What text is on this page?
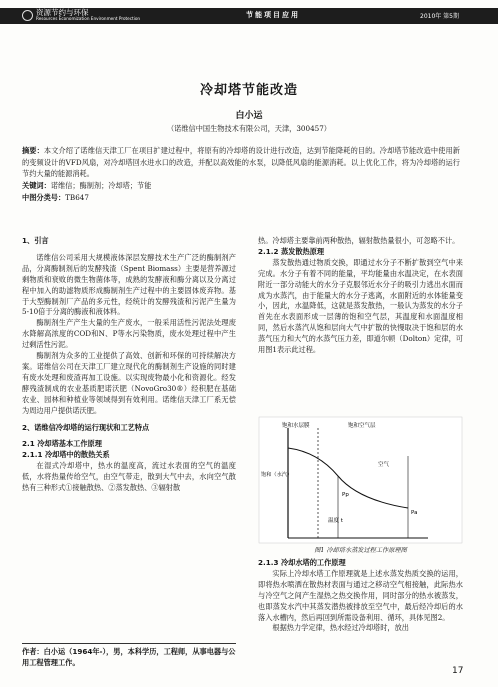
资源节约与环保
Resources Economization Environment Protection	节能项目应用	2010年 第5期
冷却塔节能改造
白小运
（诺维信中国生物技术有限公司，天津，300457）
摘要：本文介绍了诺维信天津工厂在项目扩建过程中，将原有的冷却塔的设计进行改造，达到节能降耗的目的。冷却塔节能改造中使用新的变频设计的VFD风扇，对冷却塔回水进水口的改造，并配以高效能的水泵，以降低风扇的能源消耗。以上优化工作，将为冷却塔的运行节约大量的能源消耗。
关键词：诺维信；酶制剂；冷却塔；节能
中图分类号：TB647
1、引言

诺维信公司采用大规模液体深层发酵技术生产广泛的酶制剂产品，分离酶制剂后的发酵残渣（Spent Biomass）主要是营养源过剩物质和衰败的微生物菌体等，成熟的发酵液和酶分离以及分离过程中加入的助滤物质形成酶制剂生产过程中的主要固体废弃物。基于大型酶制剂厂产品的多元性，经统计的发酵残渣和污泥产生量为5-10倍于分离的酶液和液体料。

酶制剂生产产生大量的生产废水，一般采用活性污泥法处理废水降解高浓度的COD和N、P等水污染物质，废水处理过程中产生过剩活性污泥。

酶制剂为众多的工业提供了高效、创新和环保的可持续解决方案。诺维信公司在天津工厂建立现代化的酶制剂生产设施的同时建有废水处理和废渣再加工设施。以实现废物最小化和资源化。经发酵残渣制成的农业基质肥诺沃肥（NovoGro30®）经积肥在基础农业、园林和种植业等领域得到有效利用。诺维信天津工厂系无偿为周边用户提供诺沃肥。

2、诺维信冷却塔的运行现状和工艺特点
2.1 冷却塔基本工作原理
2.1.1 冷却塔中的散热关系

在湿式冷却塔中，热水的温度高，流过水表面的空气的温度低，水将热量传给空气，由空气带走，散到大气中去，水向空气散热有三种形式①接触散热、②蒸发散热、③辐射散

热。冷却塔主要靠前两种散热，辐射散热量很小，可忽略不计。

2.1.2 蒸发散热原理

蒸发散热通过物质交换，即通过水分子不断扩散到空气中来完成。水分子有着不同的能量，平均能量由水温决定，在水表面附近一部分动能大的水分子克服邻近水分子的吸引力逃出水面而成为水蒸汽，由于能量大的水分子逃离，水面附近的水体能量变小，因此，水温降低，这就是蒸发散热，一般认为蒸发的水分子首先在水表面形成一层薄的饱和空气层，其温度和水面温度相同，然后水蒸汽从饱和层向大气中扩散的快慢取决于饱和层的水蒸气压力和大气的水蒸气压力差，即道尔顿（Dolton）定律，可用图1表示此过程。

饱和水层膜	饱和空气层
饱和（水汽）
空气
Pp
Pa
温度 t
图1 冷却塔水蒸发过程工作原理图
2.1.3 冷却水塔的工作原理

实际上冷却水塔工作原理就是上述水蒸发热质交换的运用，即将热水喷洒在散热材表面与通过之移动空气相接触，此际热水与冷空气之间产生湿热之热交换作用，同时部分的热水被蒸发，也即蒸发水汽中其蒸发潜热被排放至空气中，最后经冷却后的水落入水槽内，然后再回到所需设备利用、循环，具体见图2。

根据热力学定律，热水经过冷却塔时，放出

作者：白小运（1964年-），男，本科学历，工程师，从事电器与公用工程管理工作。
17
